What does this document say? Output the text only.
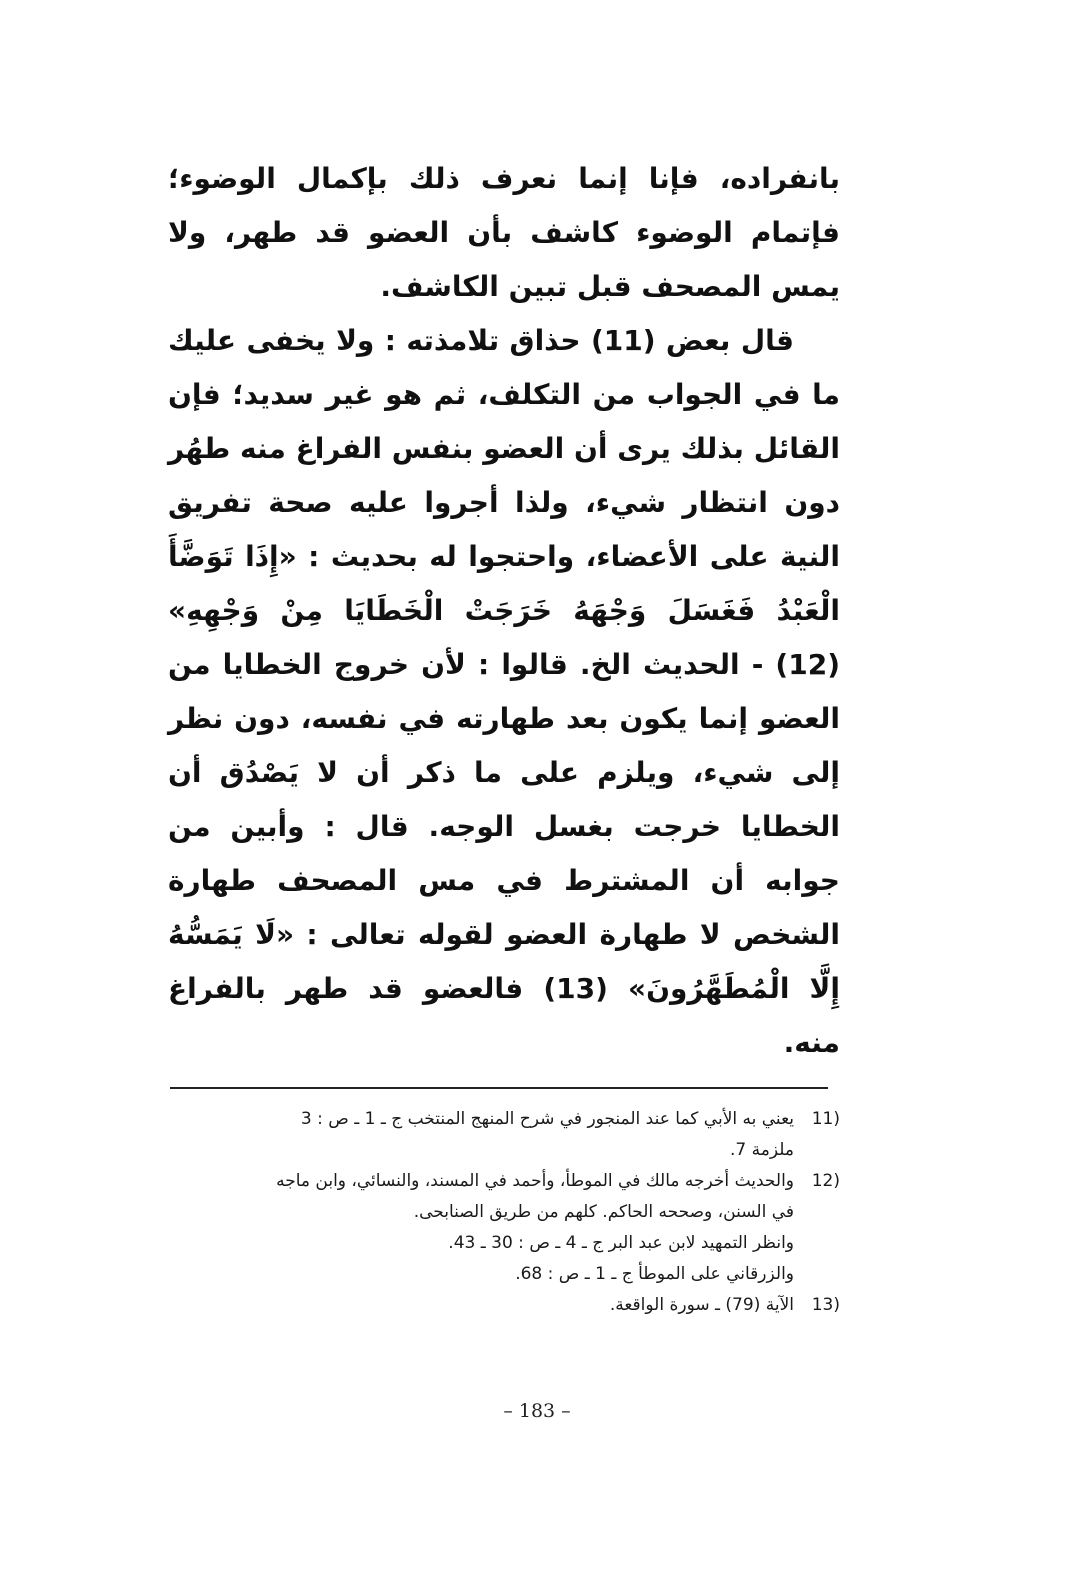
بانفراده، فإنا إنما نعرف ذلك بإكمال الوضوء؛ فإتمام الوضوء كاشف بأن العضو قد طهر، ولا يمس المصحف قبل تبين الكاشف.

قال بعض (11) حذاق تلامذته : ولا يخفى عليك ما في الجواب من التكلف، ثم هو غير سديد؛ فإن القائل بذلك يرى أن العضو بنفس الفراغ منه طهُر دون انتظار شيء، ولذا أجروا عليه صحة تفريق النية على الأعضاء، واحتجوا له بحديث : «إِذَا تَوَضَّأَ الْعَبْدُ فَغَسَلَ وَجْهَهُ خَرَجَتْ الْخَطَايَا مِنْ وَجْهِهِ» (12) - الحديث الخ. قالوا : لأن خروج الخطايا من العضو إنما يكون بعد طهارته في نفسه، دون نظر إلى شيء، ويلزم على ما ذكر أن لا يَصْدُق أن الخطايا خرجت بغسل الوجه. قال : وأبين من جوابه أن المشترط في مس المصحف طهارة الشخص لا طهارة العضو لقوله تعالى : «لَا يَمَسُّهُ إِلَّا الْمُطَهَّرُونَ» (13) فالعضو قد طهر بالفراغ منه.

11)
يعني به الأبي كما عند المنجور في شرح المنهج المنتخب ج ـ 1 ـ ص : 3
ملزمة 7.
12)
والحديث أخرجه مالك في الموطأ، وأحمد في المسند، والنسائي، وابن ماجه
في السنن، وصححه الحاكم. كلهم من طريق الصنابحى.
وانظر التمهيد لابن عبد البر ج ـ 4 ـ ص : 30 ـ 43.
والزرقاني على الموطأ ج ـ 1 ـ ص : 68.
13)
الآية (79) ـ سورة الواقعة.
– 183 –
